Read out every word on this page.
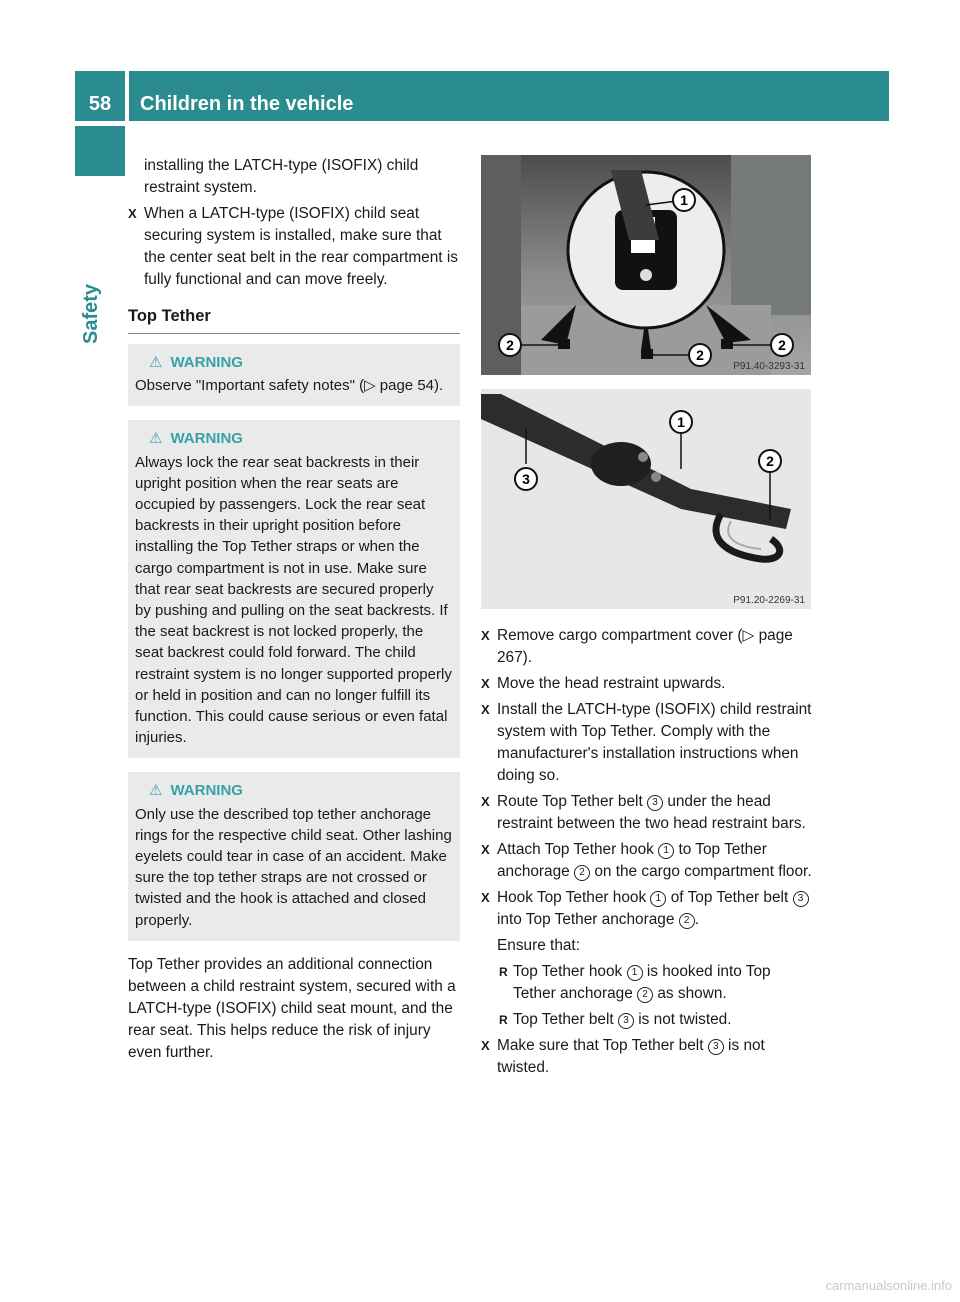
58	Children in the vehicle
Safety

installing the LATCH-type (ISOFIX) child restraint system.

X When a LATCH-type (ISOFIX) child seat securing system is installed, make sure that the center seat belt in the rear compartment is fully functional and can move freely.

Top Tether
⚠ WARNING

Observe "Important safety notes" (▷ page 54).

⚠ WARNING

Always lock the rear seat backrests in their upright position when the rear seats are occupied by passengers. Lock the rear seat backrests in their upright position before installing the Top Tether straps or when the cargo compartment is not in use. Make sure that rear seat backrests are secured properly by pushing and pulling on the seat backrests. If the seat backrest is not locked properly, the seat backrest could fold forward. The child restraint system is no longer supported properly or held in position and can no longer fulfill its function. This could cause serious or even fatal injuries.

⚠ WARNING

Only use the described top tether anchorage rings for the respective child seat. Other lashing eyelets could tear in case of an accident. Make sure the top tether straps are not crossed or twisted and the hook is attached and closed properly.

Top Tether provides an additional connection between a child restraint system, secured with a LATCH-type (ISOFIX) child seat mount, and the rear seat. This helps reduce the risk of injury even further.

1
2
2
2
P91.40-3293-31
3
1
2
P91.20-2269-31

X Remove cargo compartment cover (▷ page 267).

X Move the head restraint upwards.

X Install the LATCH-type (ISOFIX) child restraint system with Top Tether. Comply with the manufacturer's installation instructions when doing so.

X Route Top Tether belt 3 under the head restraint between the two head restraint bars.

X Attach Top Tether hook 1 to Top Tether anchorage 2 on the cargo compartment floor.

X Hook Top Tether hook 1 of Top Tether belt 3 into Top Tether anchorage 2 .

Ensure that:

R Top Tether hook 1 is hooked into Top Tether anchorage 2 as shown.

R Top Tether belt 3 is not twisted.

X Make sure that Top Tether belt 3 is not twisted.

carmanualsonline.info
